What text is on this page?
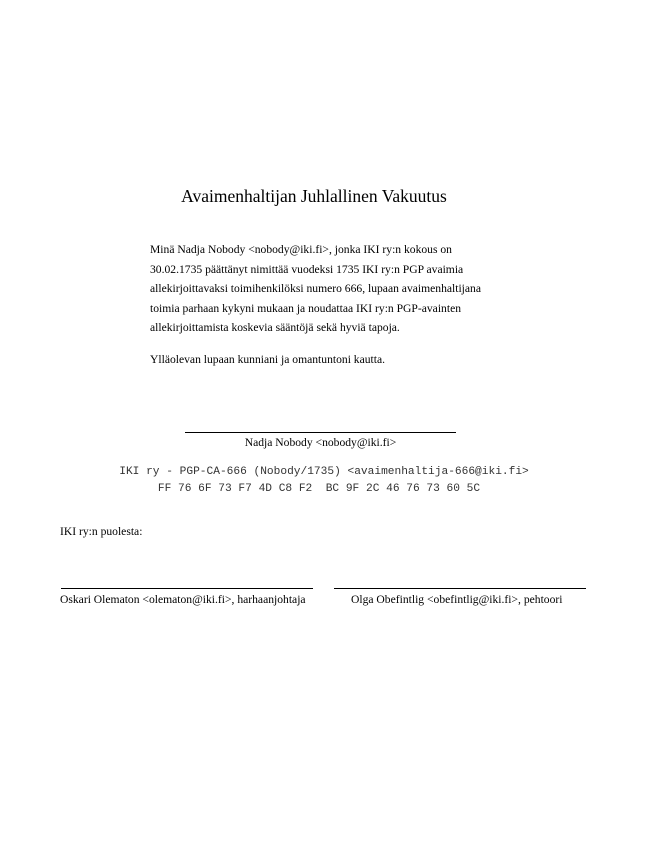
Avaimenhaltijan Juhlallinen Vakuutus
Minä Nadja Nobody <nobody@iki.fi>, jonka IKI ry:n kokous on
30.02.1735 päättänyt nimittää vuodeksi 1735 IKI ry:n PGP avaimia
allekirjoittavaksi toimihenkilöksi numero 666, lupaan avaimenhaltijana
toimia parhaan kykyni mukaan ja noudattaa IKI ry:n PGP-avainten
allekirjoittamista koskevia sääntöjä sekä hyviä tapoja.
Ylläolevan lupaan kunniani ja omantuntoni kautta.
Nadja Nobody <nobody@iki.fi>
IKI ry - PGP-CA-666 (Nobody/1735) <avaimenhaltija-666@iki.fi>
FF 76 6F 73 F7 4D C8 F2  BC 9F 2C 46 76 73 60 5C
IKI ry:n puolesta:
Oskari Olematon <olematon@iki.fi>, harhaanjohtaja	Olga Obefintlig <obefintlig@iki.fi>, pehtoori
